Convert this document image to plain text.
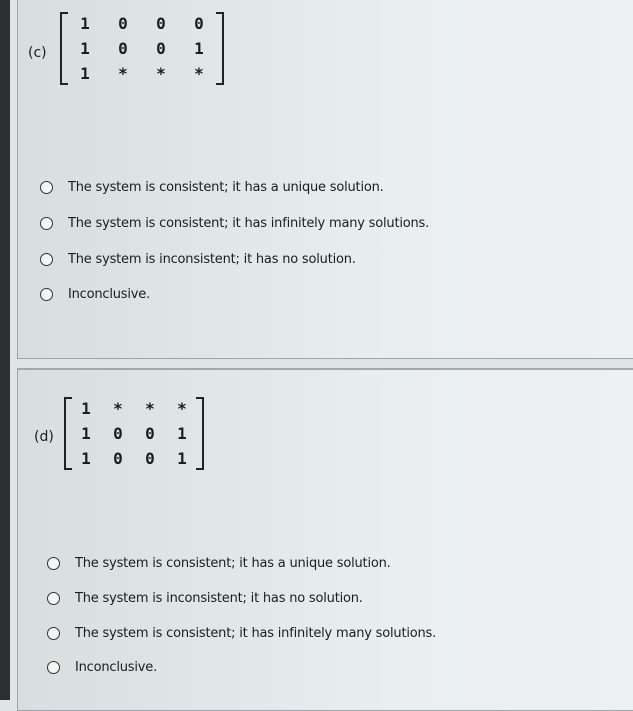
(c)
1	0	0	0
1	0	0	1
1	*	*	*
The system is consistent; it has a unique solution.
The system is consistent; it has infinitely many solutions.
The system is inconsistent; it has no solution.
Inconclusive.
(d)
1	*	*	*
1	0	0	1
1	0	0	1
The system is consistent; it has a unique solution.
The system is inconsistent; it has no solution.
The system is consistent; it has infinitely many solutions.
Inconclusive.
